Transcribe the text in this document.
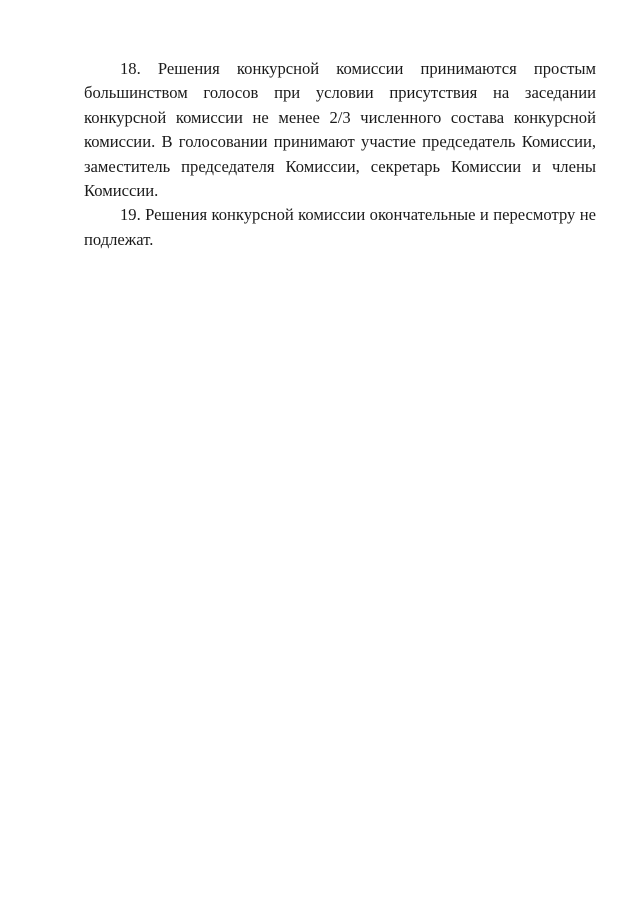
18. Решения конкурсной комиссии принимаются простым большинством голосов при условии присутствия на заседании конкурсной комиссии не менее 2/3 численного состава конкурсной комиссии. В голосовании принимают участие председатель Комиссии, заместитель председателя Комиссии, секретарь Комиссии и члены Комиссии.

19. Решения конкурсной комиссии окончательные и пересмотру не подлежат.
